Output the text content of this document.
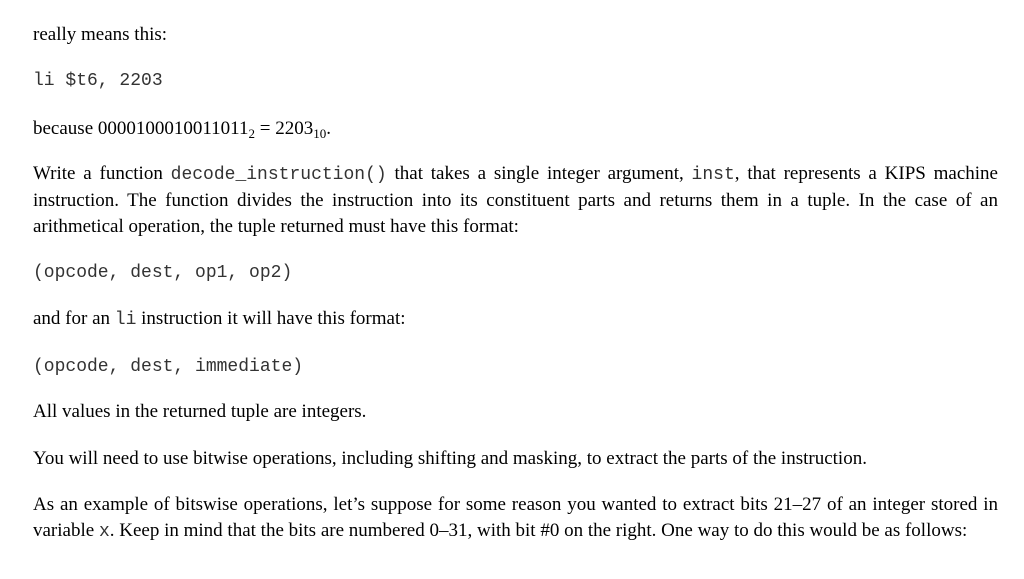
really means this:

li $t6, 2203

because $0000100010011011_2 = 2203_{10}$.

Write a function decode_instruction() that takes a single integer argument, inst, that represents a KIPS machine instruction. The function divides the instruction into its constituent parts and returns them in a tuple. In the case of an arithmetical operation, the tuple returned must have this format:

(opcode, dest, op1, op2)

and for an li instruction it will have this format:

(opcode, dest, immediate)

All values in the returned tuple are integers.

You will need to use bitwise operations, including shifting and masking, to extract the parts of the instruction.

As an example of bitswise operations, let’s suppose for some reason you wanted to extract bits 21–27 of an integer stored in variable x. Keep in mind that the bits are numbered 0–31, with bit #0 on the right. One way to do this would be as follows:
